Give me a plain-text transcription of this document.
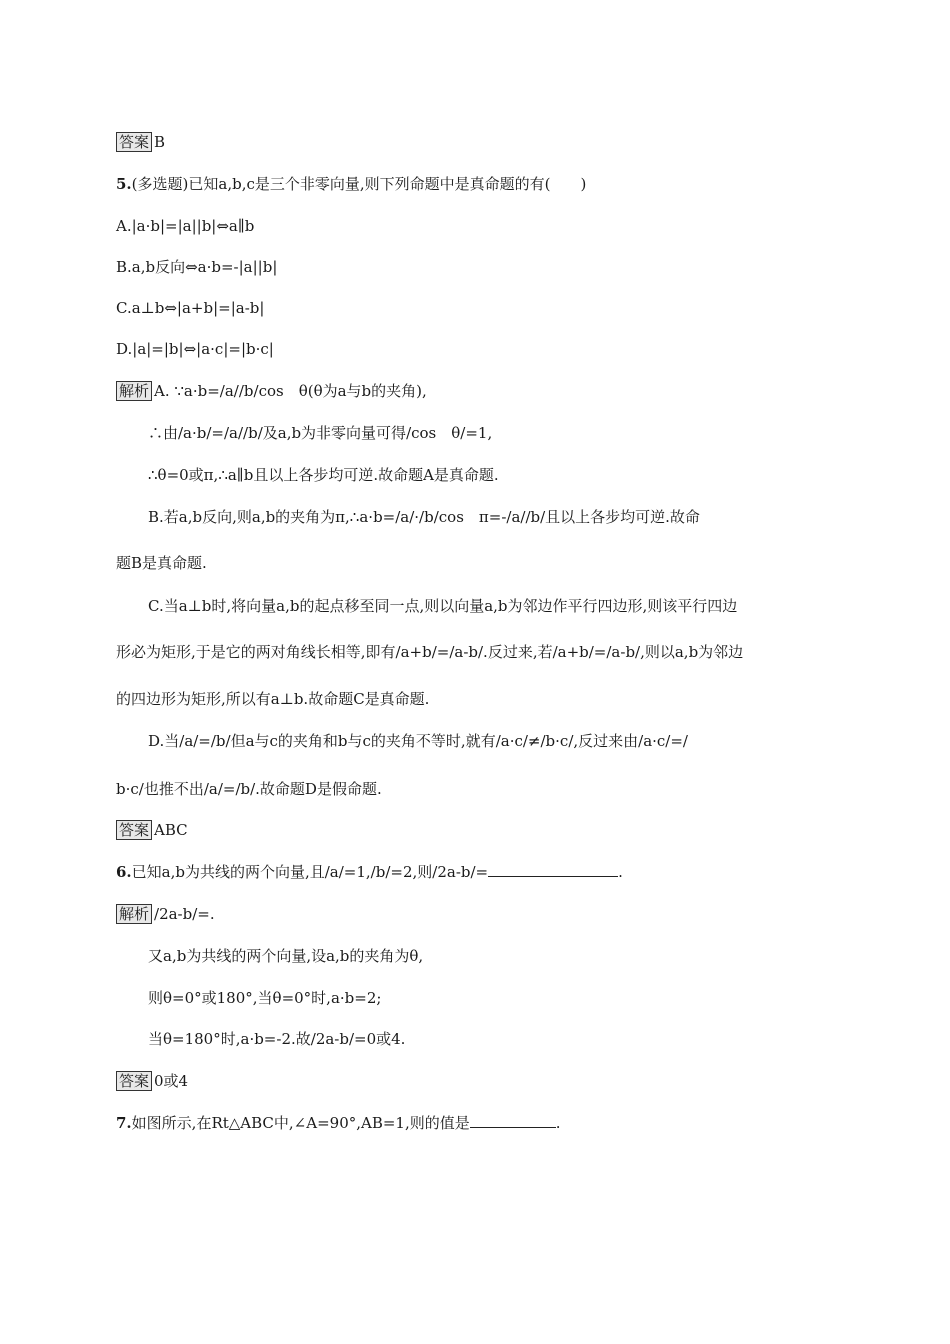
答案 B
5.(多选题)已知a,b,c是三个非零向量,则下列命题中是真命题的有(　　)
A.|a·b|=|a||b|⇔a∥b
B.a,b反向⇔a·b=-|a||b|
C.a⊥b⇔|a+b|=|a-b|
D.|a|=|b|⇔|a·c|=|b·c|
解析 A. ∵a·b=/a//b/cos　θ(θ为a与b的夹角),
∴由/a·b/=/a//b/及a,b为非零向量可得/cos　θ/=1,
∴θ=0或π,∴a∥b且以上各步均可逆.故命题A是真命题.
B.若a,b反向,则a,b的夹角为π,∴a·b=/a/·/b/cos　π=-/a//b/且以上各步均可逆.故命
题B是真命题.
C.当a⊥b时,将向量a,b的起点移至同一点,则以向量a,b为邻边作平行四边形,则该平行四边
形必为矩形,于是它的两对角线长相等,即有/a+b/=/a-b/.反过来,若/a+b/=/a-b/,则以a,b为邻边
的四边形为矩形,所以有a⊥b.故命题C是真命题.
D.当/a/=/b/但a与c的夹角和b与c的夹角不等时,就有/a·c/≠/b·c/,反过来由/a·c/=/
b·c/也推不出/a/=/b/.故命题D是假命题.
答案 ABC
6.已知a,b为共线的两个向量,且/a/=1,/b/=2,则/2a-b/=	.
解析 /2a-b/=.
又a,b为共线的两个向量,设a,b的夹角为θ,
则θ=0°或180°,当θ=0°时,a·b=2;
当θ=180°时,a·b=-2.故/2a-b/=0或4.
答案 0或4
7.如图所示,在Rt△ABC中,∠A=90°,AB=1,则的值是	.
